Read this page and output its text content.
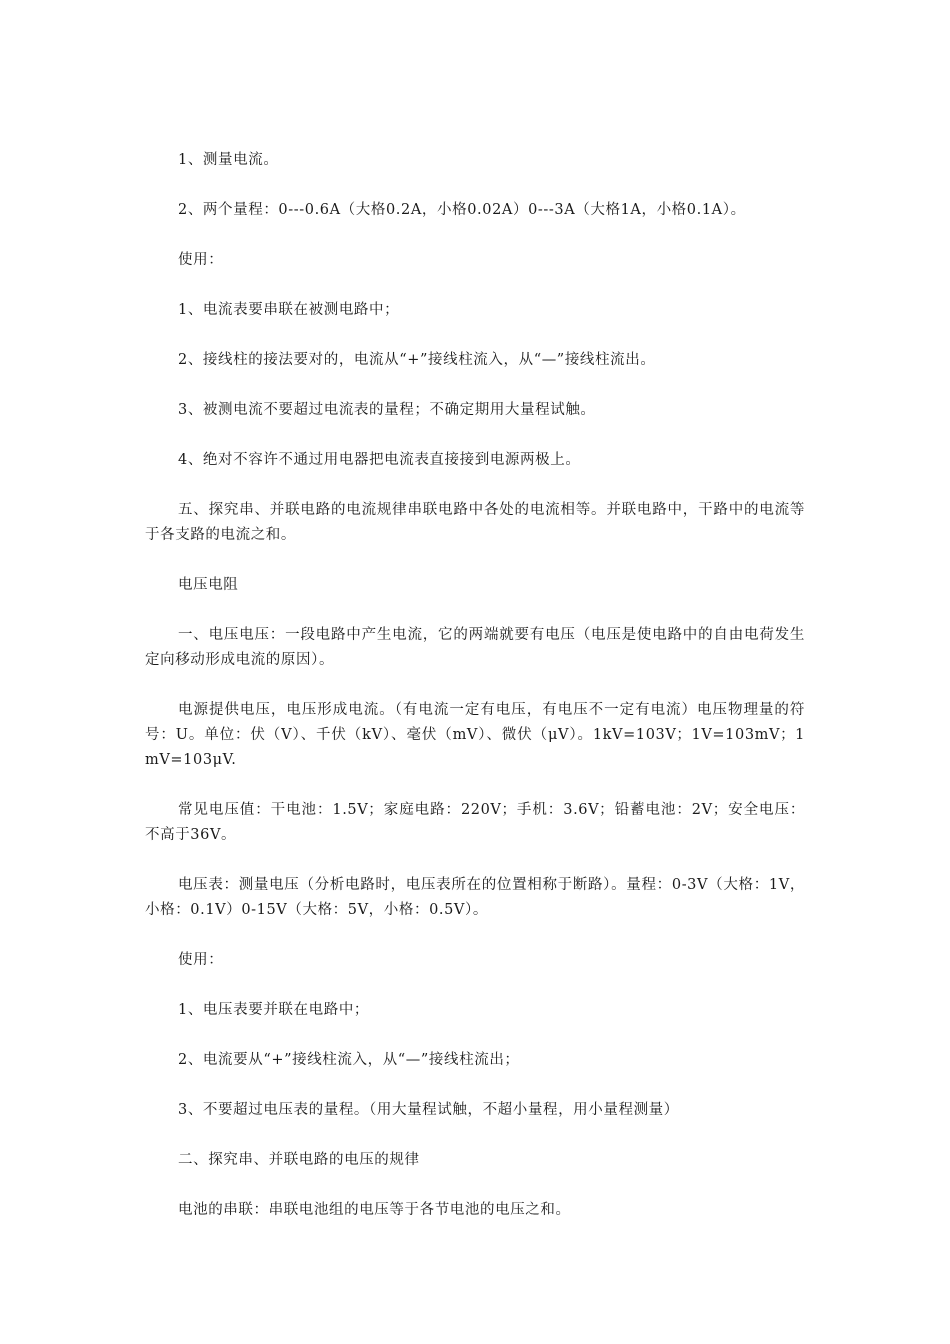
1、测量电流。

2、两个量程：0---0.6A（大格0.2A，小格0.02A）0---3A（大格1A，小格0.1A）。

使用：

1、电流表要串联在被测电路中；

2、接线柱的接法要对的，电流从“+”接线柱流入，从“—”接线柱流出。

3、被测电流不要超过电流表的量程；不确定期用大量程试触。

4、绝对不容许不通过用电器把电流表直接接到电源两极上。

五、探究串、并联电路的电流规律串联电路中各处的电流相等。并联电路中，干路中的电流等于各支路的电流之和。

电压电阻

一、电压电压：一段电路中产生电流，它的两端就要有电压（电压是使电路中的自由电荷发生定向移动形成电流的原因）。

电源提供电压，电压形成电流。（有电流一定有电压，有电压不一定有电流）电压物理量的符号：U。单位：伏（V）、千伏（kV）、毫伏（mV）、微伏（μV）。1kV=103V；1V=103mV；1mV=103μV.

常见电压值：干电池：1.5V；家庭电路：220V；手机：3.6V；铅蓄电池：2V；安全电压：不高于36V。

电压表：测量电压（分析电路时，电压表所在的位置相称于断路）。量程：0-3V（大格：1V，小格：0.1V）0-15V（大格：5V，小格：0.5V）。

使用：

1、电压表要并联在电路中；

2、电流要从“+”接线柱流入，从“—”接线柱流出；

3、不要超过电压表的量程。（用大量程试触，不超小量程，用小量程测量）

二、探究串、并联电路的电压的规律

电池的串联：串联电池组的电压等于各节电池的电压之和。
